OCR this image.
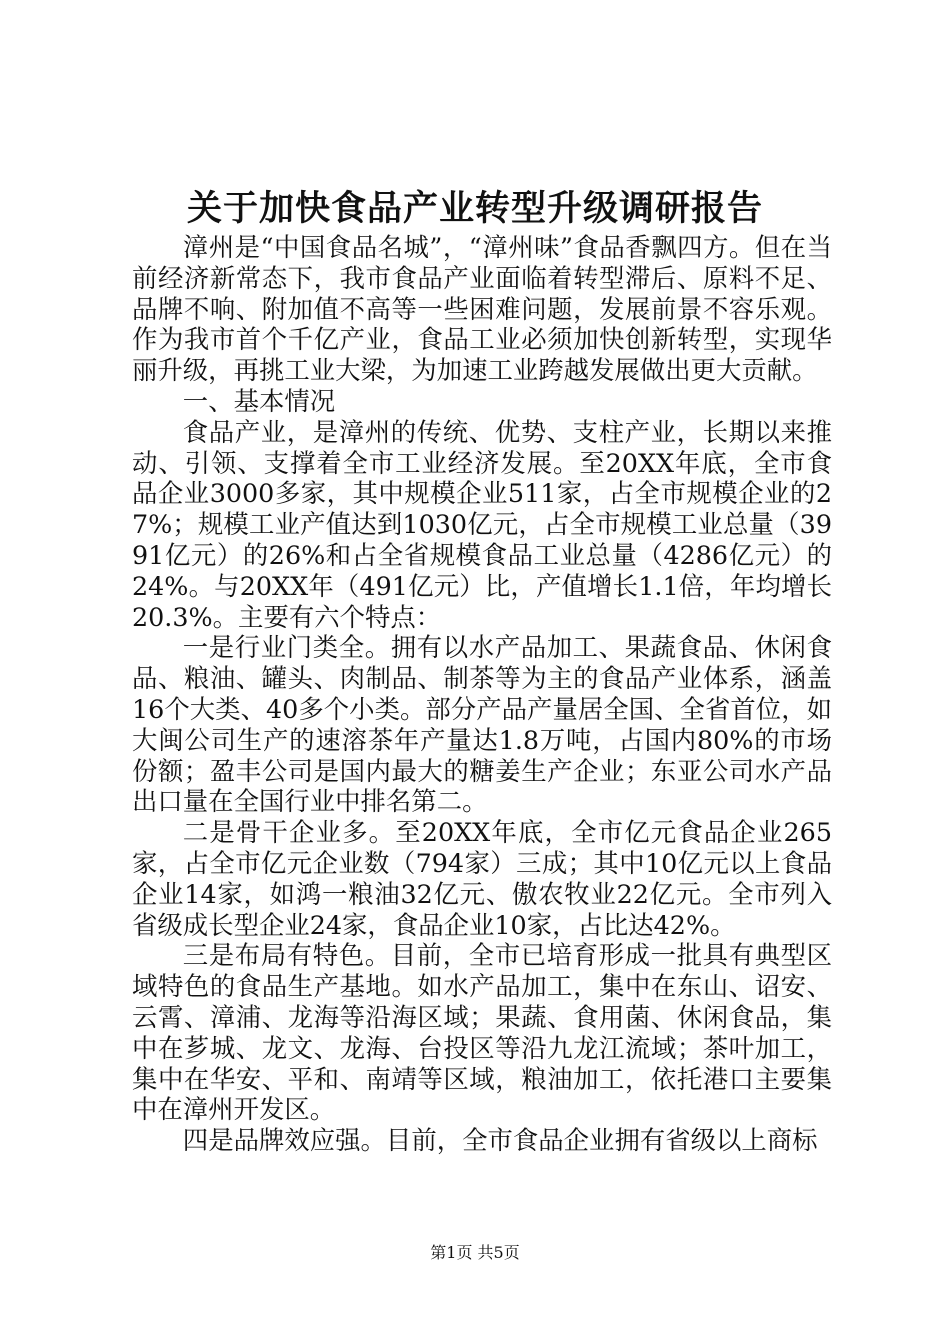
关于加快食品产业转型升级调研报告

漳州是“中国食品名城”，“漳州味”食品香飘四方。但在当前经济新常态下，我市食品产业面临着转型滞后、原料不足、品牌不响、附加值不高等一些困难问题，发展前景不容乐观。作为我市首个千亿产业，食品工业必须加快创新转型，实现华丽升级，再挑工业大梁，为加速工业跨越发展做出更大贡献。

一、基本情况

食品产业，是漳州的传统、优势、支柱产业，长期以来推动、引领、支撑着全市工业经济发展。至20XX年底，全市食品企业3000多家，其中规模企业511家，占全市规模企业的27%；规模工业产值达到1030亿元，占全市规模工业总量（3991亿元）的26%和占全省规模食品工业总量（4286亿元）的24%。与20XX年（491亿元）比，产值增长1.1倍，年均增长20.3%。主要有六个特点：

一是行业门类全。拥有以水产品加工、果蔬食品、休闲食品、粮油、罐头、肉制品、制茶等为主的食品产业体系，涵盖16个大类、40多个小类。部分产品产量居全国、全省首位，如大闽公司生产的速溶茶年产量达1.8万吨，占国内80%的市场份额；盈丰公司是国内最大的糖姜生产企业；东亚公司水产品出口量在全国行业中排名第二。

二是骨干企业多。至20XX年底，全市亿元食品企业265家，占全市亿元企业数（794家）三成；其中10亿元以上食品企业14家，如鸿一粮油32亿元、傲农牧业22亿元。全市列入省级成长型企业24家，食品企业10家，占比达42%。

三是布局有特色。目前，全市已培育形成一批具有典型区域特色的食品生产基地。如水产品加工，集中在东山、诏安、云霄、漳浦、龙海等沿海区域；果蔬、食用菌、休闲食品，集中在芗城、龙文、龙海、台投区等沿九龙江流域；茶叶加工，集中在华安、平和、南靖等区域，粮油加工，依托港口主要集中在漳州开发区。

四是品牌效应强。目前，全市食品企业拥有省级以上商标

第1页 共5页
